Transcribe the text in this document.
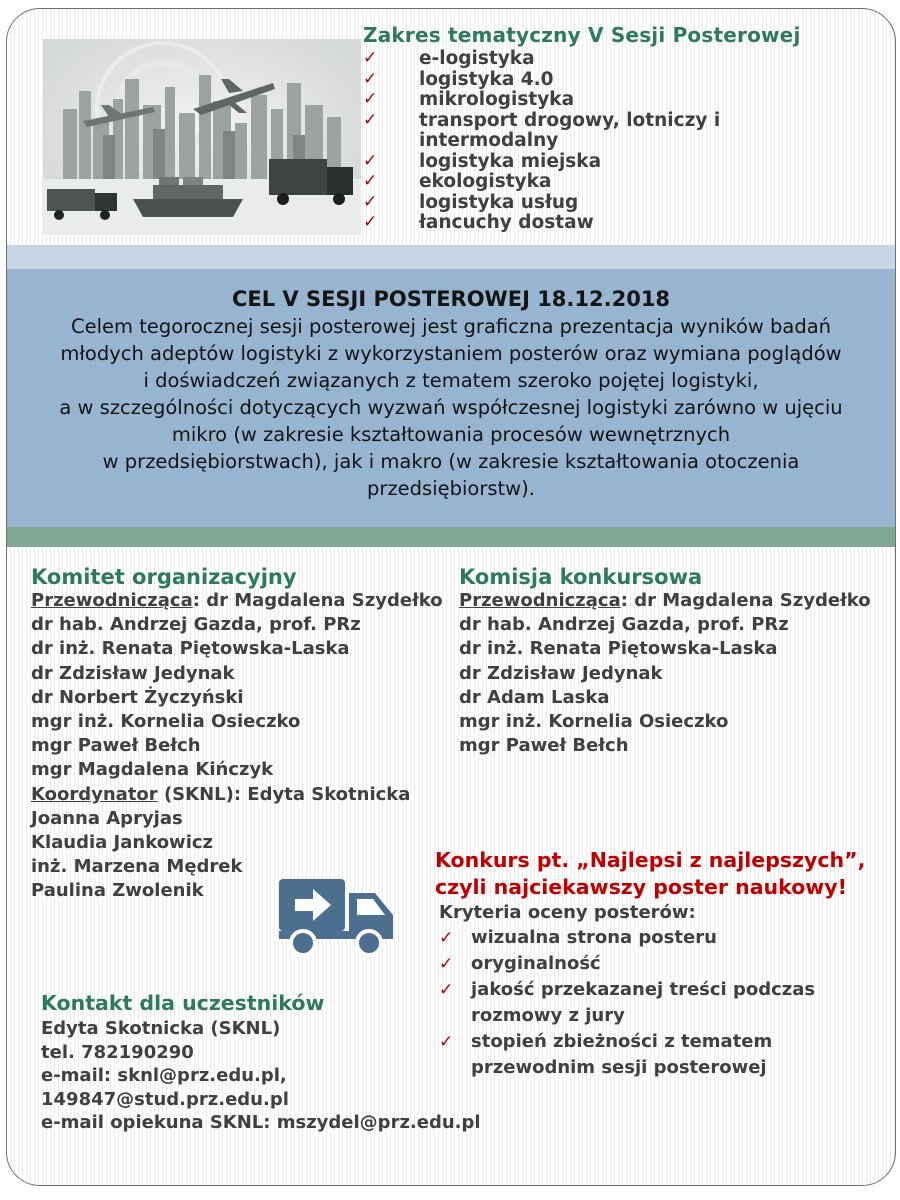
Zakres tematyczny V Sesji Posterowej
✓ e-logistyka
✓ logistyka 4.0
✓ mikrologistyka
✓ transport drogowy, lotniczy i intermodalny
✓ logistyka miejska
✓ ekologistyka
✓ logistyka usług
✓ łancuchy dostaw
CEL V SESJI POSTEROWEJ 18.12.2018
Celem tegorocznej sesji posterowej jest graficzna prezentacja wyników badań
młodych adeptów logistyki z wykorzystaniem posterów oraz wymiana poglądów
i doświadczeń związanych z tematem szeroko pojętej logistyki,
a w szczególności dotyczących wyzwań współczesnej logistyki zarówno w ujęciu
mikro (w zakresie kształtowania procesów wewnętrznych
w przedsiębiorstwach), jak i makro (w zakresie kształtowania otoczenia
przedsiębiorstw).
Komitet organizacyjny
Przewodnicząca: dr Magdalena Szydełko
dr hab. Andrzej Gazda, prof. PRz
dr inż. Renata Piętowska-Laska
dr Zdzisław Jedynak
dr Norbert Życzyński
mgr inż. Kornelia Osieczko
mgr Paweł Bełch
mgr Magdalena Kińczyk
Koordynator (SKNL): Edyta Skotnicka
Joanna Apryjas
Klaudia Jankowicz
inż. Marzena Mędrek
Paulina Zwolenik
Komisja konkursowa
Przewodnicząca: dr Magdalena Szydełko
dr hab. Andrzej Gazda, prof. PRz
dr inż. Renata Piętowska-Laska
dr Zdzisław Jedynak
dr Adam Laska
mgr inż. Kornelia Osieczko
mgr Paweł Bełch
Konkurs pt. „Najlepsi z najlepszych”,
czyli najciekawszy poster naukowy!
Kryteria oceny posterów:
✓ wizualna strona posteru
✓ oryginalność
✓ jakość przekazanej treści podczas
rozmowy z jury
✓ stopień zbieżności z tematem
przewodnim sesji posterowej
Kontakt dla uczestników
Edyta Skotnicka (SKNL)
tel. 782190290
e-mail: sknl@prz.edu.pl,
149847@stud.prz.edu.pl
e-mail opiekuna SKNL: mszydel@prz.edu.pl
